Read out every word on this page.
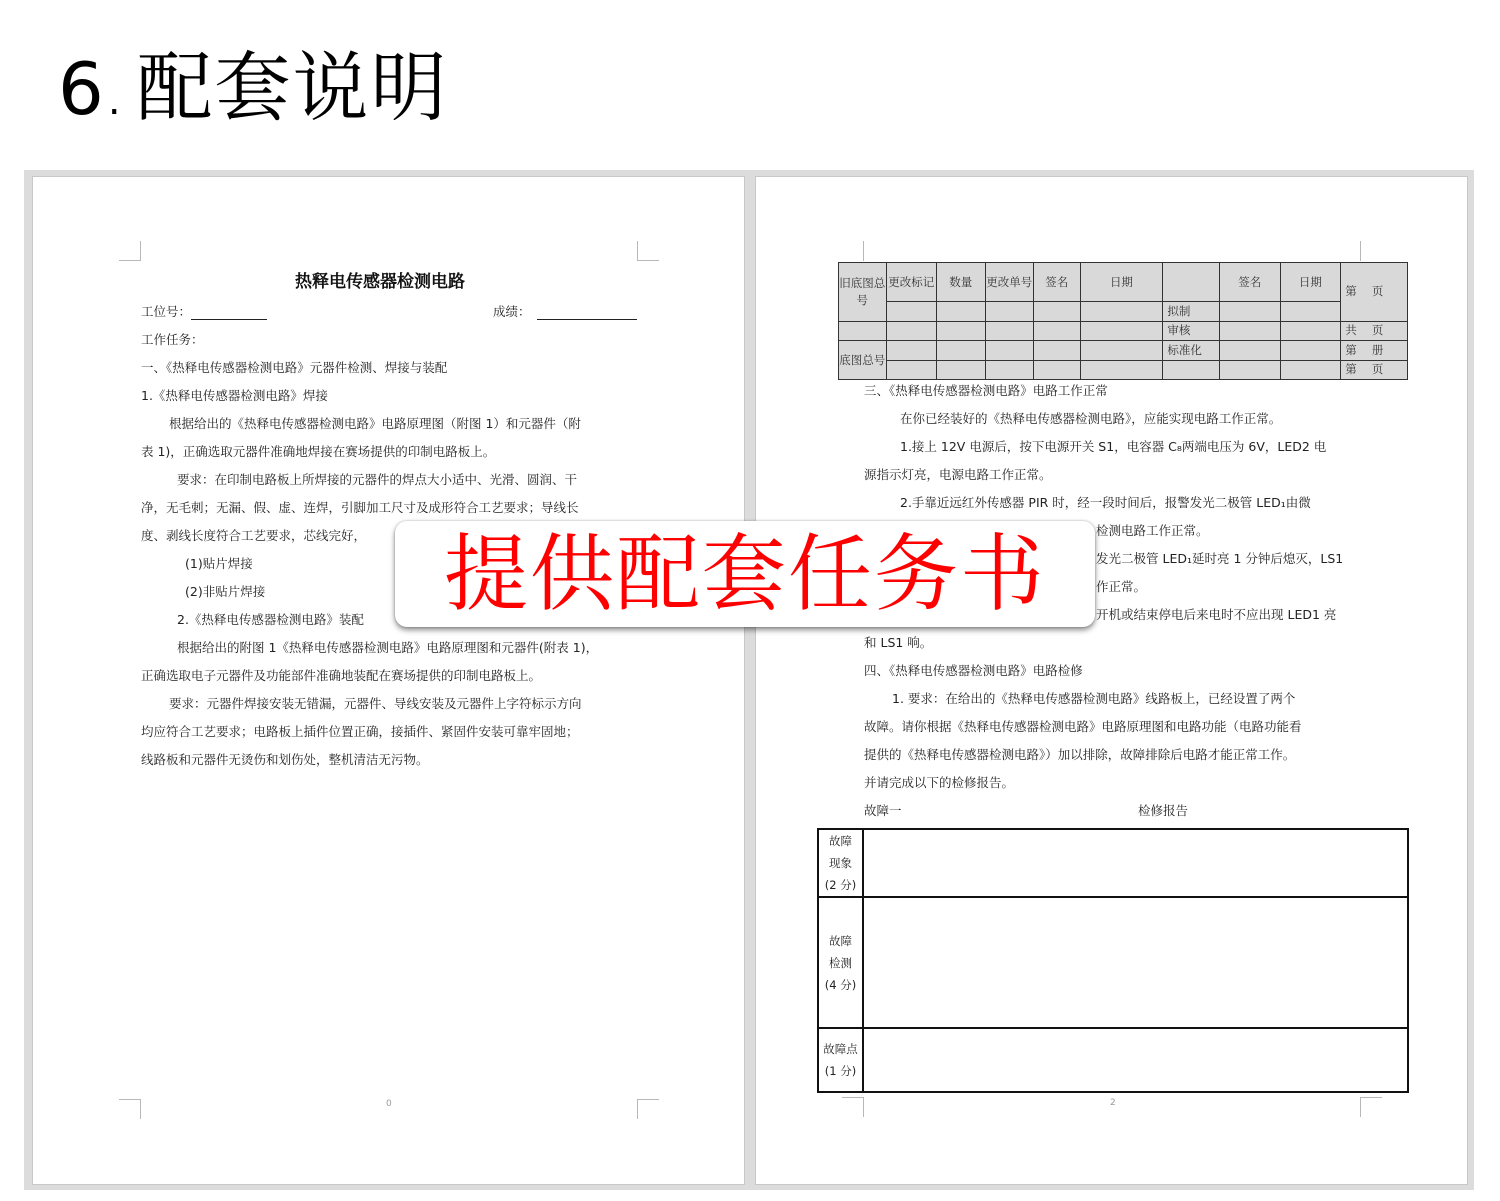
6. 配套说明
热释电传感器检测电路
工位号：	成绩：
工作任务：
一、《热释电传感器检测电路》元器件检测、焊接与装配
1.《热释电传感器检测电路》焊接
根据给出的《热释电传感器检测电路》电路原理图（附图 1）和元器件（附
表 1)，正确选取元器件准确地焊接在赛场提供的印制电路板上。
要求：在印制电路板上所焊接的元器件的焊点大小适中、光滑、圆润、干
净，无毛刺；无漏、假、虚、连焊，引脚加工尺寸及成形符合工艺要求；导线长
度、剥线长度符合工艺要求，芯线完好，
(1)贴片焊接
(2)非贴片焊接
2.《热释电传感器检测电路》装配
根据给出的附图 1《热释电传感器检测电路》电路原理图和元器件(附表 1)，
正确选取电子元器件及功能部件准确地装配在赛场提供的印制电路板上。
要求：元器件焊接安装无错漏，元器件、导线安装及元器件上字符标示方向
均应符合工艺要求；电路板上插件位置正确，接插件、紧固件安装可靠牢固地；
线路板和元器件无烫伤和划伤处，整机清洁无污物。
0
旧底图总号	更改标记	数量	更改单号	签名	日期		签名	日期	第　 页
						拟制			
						审核			共　 页
底图总号						标准化			第　 册
									第　 页
三、《热释电传感器检测电路》电路工作正常
在你已经装好的《热释电传感器检测电路》，应能实现电路工作正常。
1.接上 12V 电源后，按下电源开关 S1，电容器 C₈两端电压为 6V，LED2 电
源指示灯亮，电源电路工作正常。
2.手靠近远红外传感器 PIR 时，经一段时间后，报警发光二极管 LED₁由微
检测电路工作正常。
发光二极管 LED₁延时亮 1 分钟后熄灭，LS1
作正常。
开机或结束停电后来电时不应出现 LED1 亮
和 LS1 响。
四、《热释电传感器检测电路》电路检修
1. 要求：在给出的《热释电传感器检测电路》线路板上，已经设置了两个
故障。请你根据《热释电传感器检测电路》电路原理图和电路功能（电路功能看
提供的《热释电传感器检测电路》）加以排除，故障排除后电路才能正常工作。
并请完成以下的检修报告。
故障一	检修报告
故障
现象
(2 分)	

故障
检测
(4 分)	

故障点
(1 分)	

2
提供配套任务书
